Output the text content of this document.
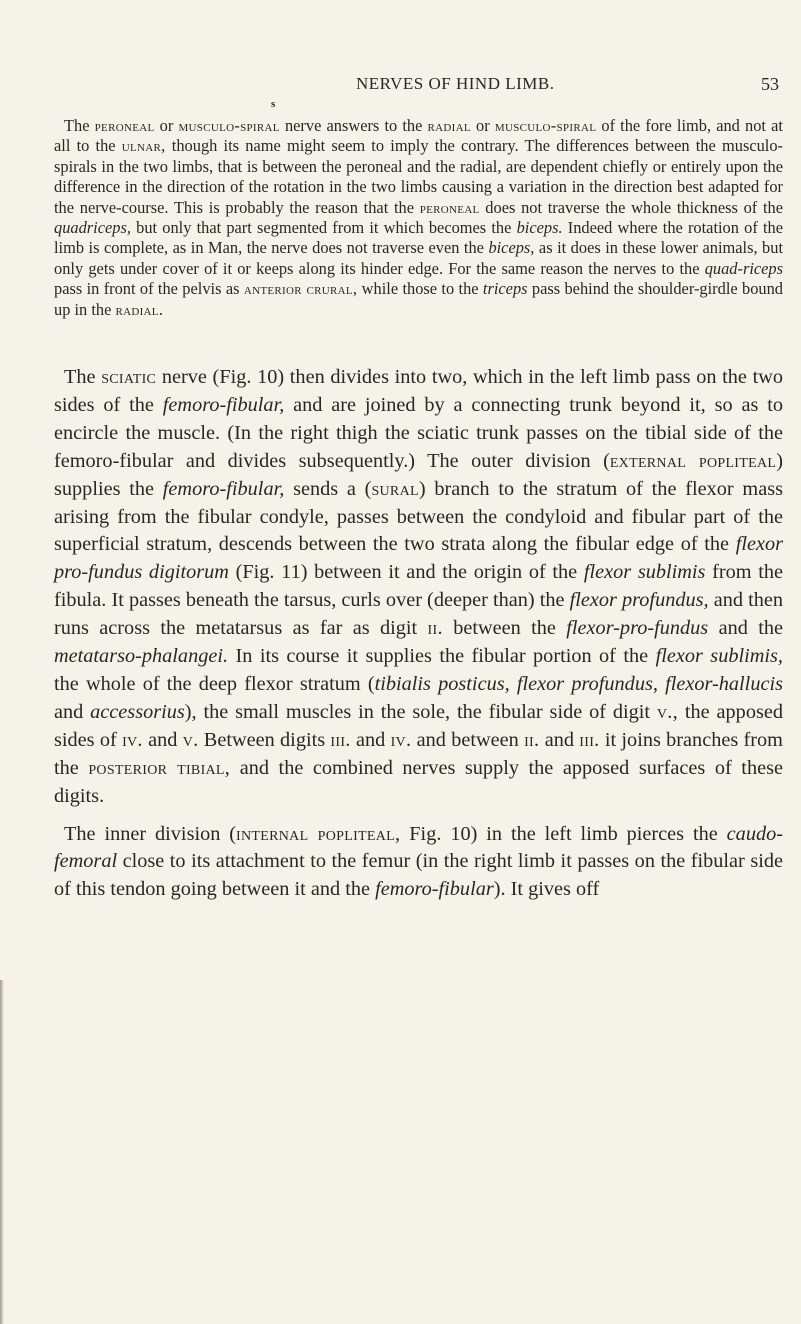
NERVES OF HIND LIMB.	53
s

The peroneal or musculo-spiral nerve answers to the radial or musculo-spiral of the fore limb, and not at all to the ulnar, though its name might seem to imply the contrary. The differences between the musculo-spirals in the two limbs, that is between the peroneal and the radial, are dependent chiefly or entirely upon the difference in the direction of the rotation in the two limbs causing a variation in the direction best adapted for the nerve-course. This is probably the reason that the peroneal does not traverse the whole thickness of the quadriceps, but only that part segmented from it which becomes the biceps. Indeed where the rotation of the limb is complete, as in Man, the nerve does not traverse even the biceps, as it does in these lower animals, but only gets under cover of it or keeps along its hinder edge. For the same reason the nerves to the quad-riceps pass in front of the pelvis as anterior crural, while those to the triceps pass behind the shoulder-girdle bound up in the radial.

The sciatic nerve (Fig. 10) then divides into two, which in the left limb pass on the two sides of the femoro-fibular, and are joined by a connecting trunk beyond it, so as to encircle the muscle. (In the right thigh the sciatic trunk passes on the tibial side of the femoro-fibular and divides subsequently.) The outer division (external popliteal) supplies the femoro-fibular, sends a (sural) branch to the stratum of the flexor mass arising from the fibular condyle, passes between the condyloid and fibular part of the superficial stratum, descends between the two strata along the fibular edge of the flexor pro-fundus digitorum (Fig. 11) between it and the origin of the flexor sublimis from the fibula. It passes beneath the tarsus, curls over (deeper than) the flexor profundus, and then runs across the metatarsus as far as digit ii. between the flexor-pro-fundus and the metatarso-phalangei. In its course it supplies the fibular portion of the flexor sublimis, the whole of the deep flexor stratum (tibialis posticus, flexor profundus, flexor-hallucis and accessorius), the small muscles in the sole, the fibular side of digit v., the apposed sides of iv. and v. Between digits iii. and iv. and between ii. and iii. it joins branches from the posterior tibial, and the combined nerves supply the apposed surfaces of these digits.

The inner division (internal popliteal, Fig. 10) in the left limb pierces the caudo-femoral close to its attachment to the femur (in the right limb it passes on the fibular side of this tendon going between it and the femoro-fibular). It gives off
